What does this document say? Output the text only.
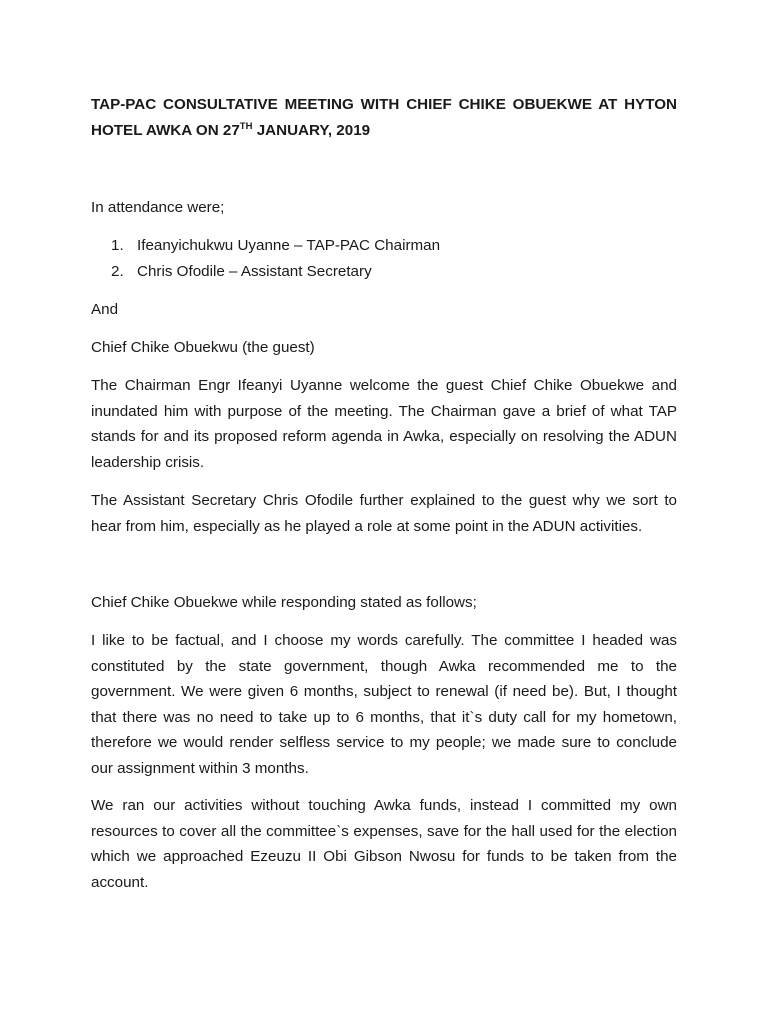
TAP-PAC CONSULTATIVE MEETING WITH CHIEF CHIKE OBUEKWE AT HYTON HOTEL AWKA ON 27TH JANUARY, 2019

In attendance were;

1. Ifeanyichukwu Uyanne – TAP-PAC Chairman
2. Chris Ofodile – Assistant Secretary

And

Chief Chike Obuekwu (the guest)

The Chairman Engr Ifeanyi Uyanne welcome the guest Chief Chike Obuekwe and inundated him with purpose of the meeting. The Chairman gave a brief of what TAP stands for and its proposed reform agenda in Awka, especially on resolving the ADUN leadership crisis.

The Assistant Secretary Chris Ofodile further explained to the guest why we sort to hear from him, especially as he played a role at some point in the ADUN activities.

Chief Chike Obuekwe while responding stated as follows;

I like to be factual, and I choose my words carefully. The committee I headed was constituted by the state government, though Awka recommended me to the government. We were given 6 months, subject to renewal (if need be). But, I thought that there was no need to take up to 6 months, that it`s duty call for my hometown, therefore we would render selfless service to my people; we made sure to conclude our assignment within 3 months.

We ran our activities without touching Awka funds, instead I committed my own resources to cover all the committee`s expenses, save for the hall used for the election which we approached Ezeuzu II Obi Gibson Nwosu for funds to be taken from the account.
